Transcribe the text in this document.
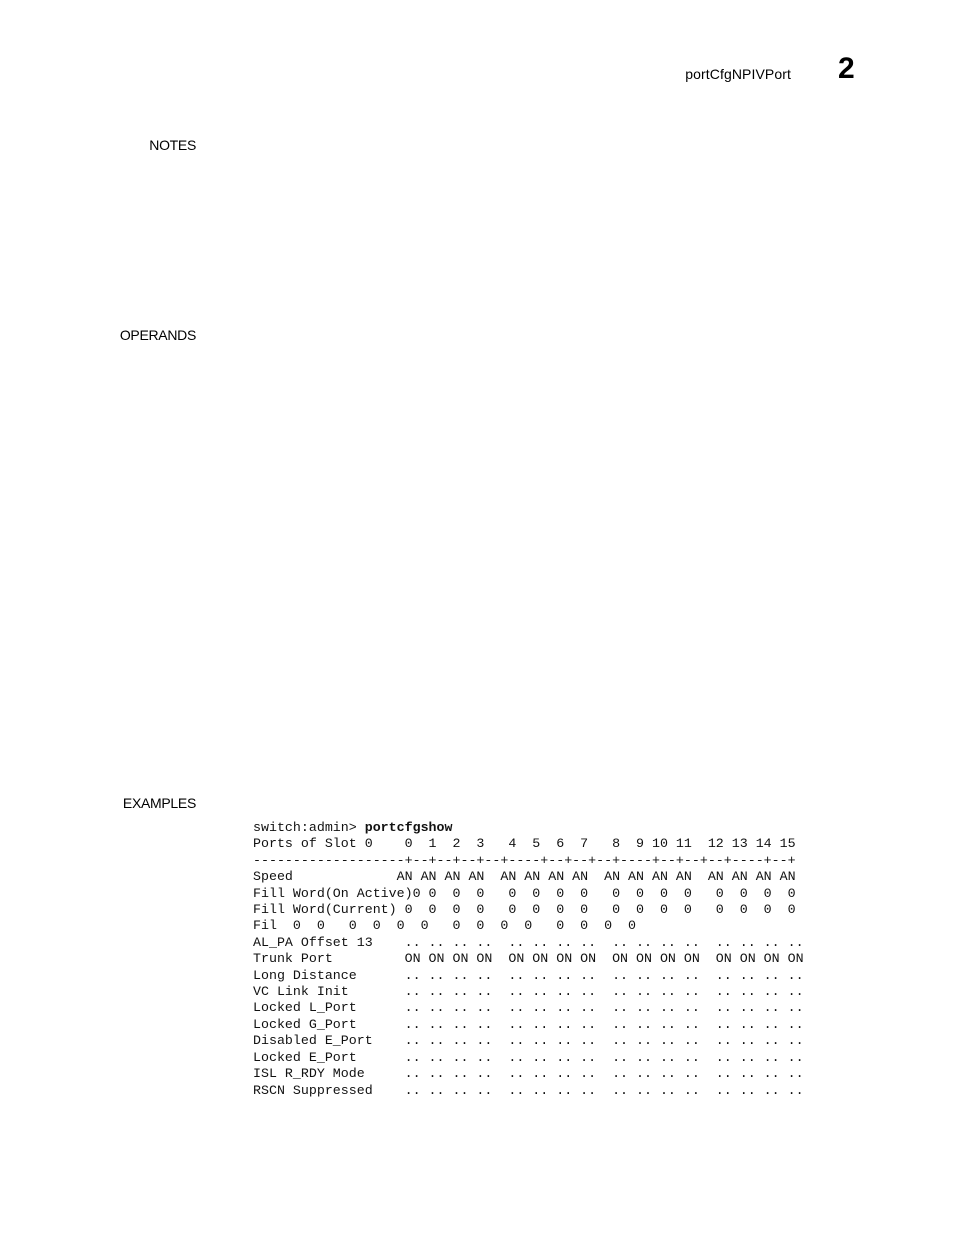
portCfgNPIVPort 2
NOTES
OPERANDS
EXAMPLES
switch:admin> portcfgshow
Ports of Slot 0    0  1  2  3   4  5  6  7   8  9 10 11  12 13 14 15
-------------------+--+--+--+--+----+--+--+--+----+--+--+--+----+--+
Speed             AN AN AN AN  AN AN AN AN  AN AN AN AN  AN AN AN AN
Fill Word(On Active)0 0  0  0   0  0  0  0   0  0  0  0   0  0  0  0
Fill Word(Current) 0  0  0  0   0  0  0  0   0  0  0  0   0  0  0  0
Fil  0  0   0  0  0  0   0  0  0  0   0  0  0  0
AL_PA Offset 13    .. .. .. ..  .. .. .. ..  .. .. .. ..  .. .. .. ..
Trunk Port         ON ON ON ON  ON ON ON ON  ON ON ON ON  ON ON ON ON
Long Distance      .. .. .. ..  .. .. .. ..  .. .. .. ..  .. .. .. ..
VC Link Init       .. .. .. ..  .. .. .. ..  .. .. .. ..  .. .. .. ..
Locked L_Port      .. .. .. ..  .. .. .. ..  .. .. .. ..  .. .. .. ..
Locked G_Port      .. .. .. ..  .. .. .. ..  .. .. .. ..  .. .. .. ..
Disabled E_Port    .. .. .. ..  .. .. .. ..  .. .. .. ..  .. .. .. ..
Locked E_Port      .. .. .. ..  .. .. .. ..  .. .. .. ..  .. .. .. ..
ISL R_RDY Mode     .. .. .. ..  .. .. .. ..  .. .. .. ..  .. .. .. ..
RSCN Suppressed    .. .. .. ..  .. .. .. ..  .. .. .. ..  .. .. .. ..
